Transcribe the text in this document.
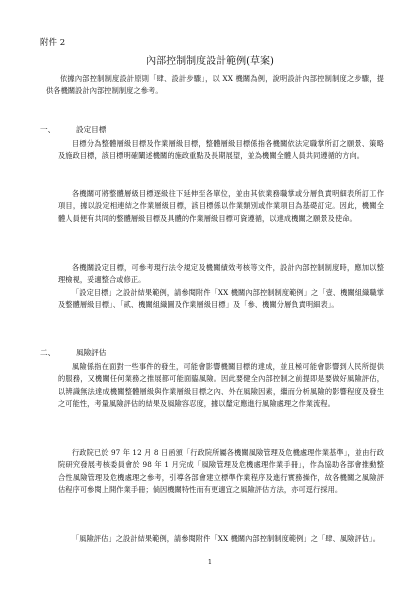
附件 2
內部控制制度設計範例(草案)
依據內部控制制度設計原則「肆、設計步驟」，以 XX 機關為例，說明設計內部控制制度之步驟，提供各機關設計內部控制制度之參考。
一、	設定目標
目標分為整體層級目標及作業層級目標，整體層級目標係指各機關依法定職掌所訂之願景、策略及施政目標，該目標明確闡述機關的施政重點及長期展望，並為機關全體人員共同遵循的方向。
各機關可將整體層級目標逐級往下延伸至各單位，並由其依業務職掌或分層負責明細表所訂工作項目，據以設定相連結之作業層級目標，該目標係以作業類別或作業項目為基礎訂定。因此，機關全體人員便有共同的整體層級目標及具體的作業層級目標可資遵循，以達成機關之願景及使命。
各機關設定目標，可參考現行法令規定及機關績效考核等文件，設計內部控制制度時，應加以整理檢視，妥適整合或修正。
「設定目標」之設計結果範例，請參閱附件「XX 機關內部控制制度範例」之「壹、機關組織職掌及整體層級目標」、「貳、機關組織圖及作業層級目標」及「參、機關分層負責明細表」。
二、	風險評估
風險係指在面對一些事件的發生，可能會影響機關目標的達成，並且極可能會影響到人民所提供的服務，又機關任何業務之推展都可能面臨風險。因此要健全內部控制之前提即是要做好風險評估，以辨識無法達成機關整體層級與作業層級目標之內、外在風險因素，繼而分析風險的影響程度及發生之可能性，考量風險評估的結果及風險容忍度，據以釐定應進行風險處理之作業流程。
行政院已於 97 年 12 月 8 日函頒「行政院所屬各機關風險管理及危機處理作業基準」，並由行政院研究發展考核委員會於 98 年 1 月完成「風險管理及危機處理作業手冊」，作為協助各部會推動整合性風險管理及危機處理之參考，引導各部會建立標準作業程序及進行實務操作，故各機關之風險評估程序可參閱上開作業手冊；倘因機關特性而有更適宜之風險評估方法，亦可逕行採用。
「風險評估」之設計結果範例，請參閱附件「XX 機關內部控制制度範例」之「肆、風險評估」。
1
